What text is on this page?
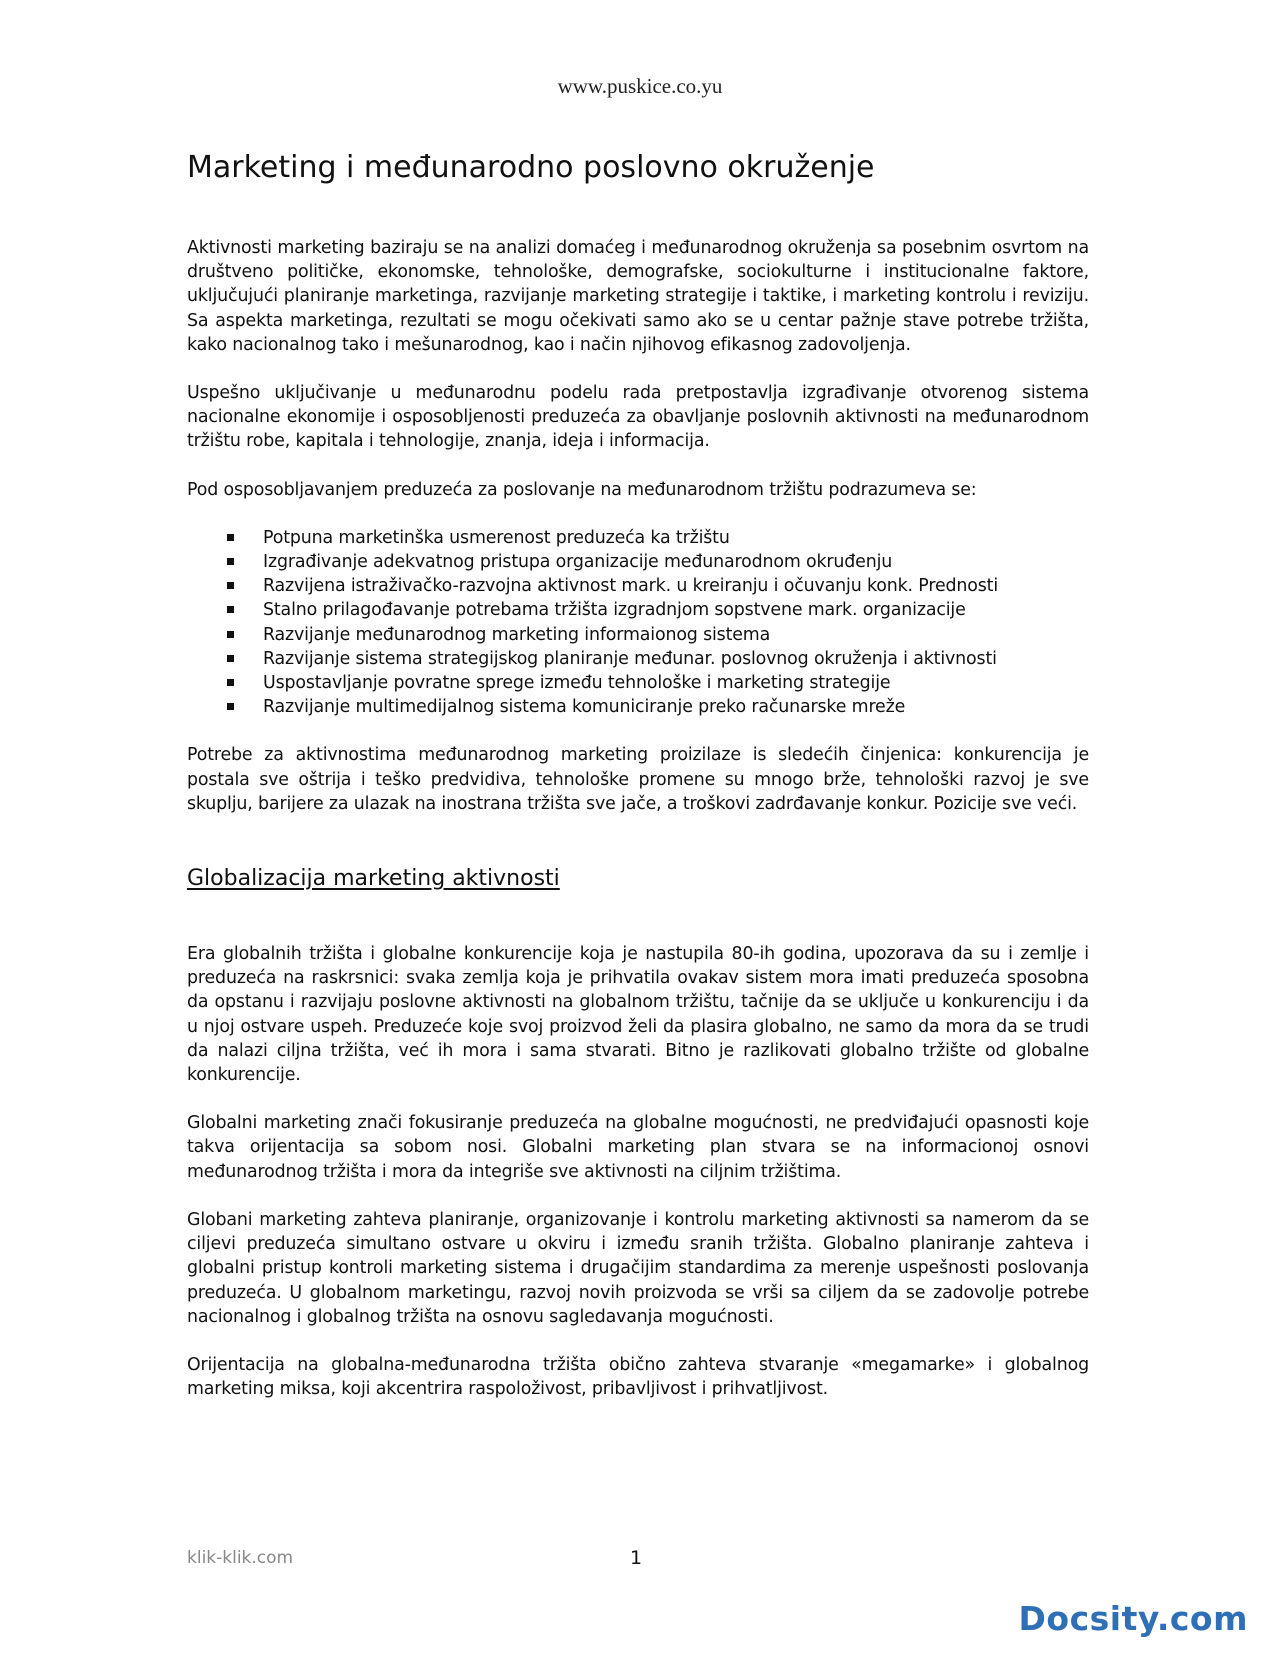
www.puskice.co.yu
Marketing i međunarodno poslovno okruženje

Aktivnosti marketing baziraju se na analizi domaćeg i međunarodnog okruženja sa posebnim osvrtom na društveno političke, ekonomske, tehnološke, demografske, sociokulturne i institucionalne faktore, uključujući planiranje marketinga, razvijanje marketing strategije i taktike, i marketing kontrolu i reviziju. Sa aspekta marketinga, rezultati se mogu očekivati samo ako se u centar pažnje stave potrebe tržišta, kako nacionalnog tako i mešunarodnog, kao i način njihovog efikasnog zadovoljenja.

Uspešno uključivanje u međunarodnu podelu rada pretpostavlja izgrađivanje otvorenog sistema nacionalne ekonomije i osposobljenosti preduzeća za obavljanje poslovnih aktivnosti na međunarodnom tržištu robe, kapitala i tehnologije, znanja, ideja i informacija.

Pod osposobljavanjem preduzeća za poslovanje na međunarodnom tržištu podrazumeva se:

Potpuna marketinška usmerenost preduzeća ka tržištu
Izgrađivanje adekvatnog pristupa organizacije međunarodnom okruđenju
Razvijena istraživačko-razvojna aktivnost mark. u kreiranju i očuvanju konk. Prednosti
Stalno prilagođavanje potrebama tržišta izgradnjom sopstvene mark. organizacije
Razvijanje međunarodnog marketing informaionog sistema
Razvijanje sistema strategijskog planiranje međunar. poslovnog okruženja i aktivnosti
Uspostavljanje povratne sprege između tehnološke i marketing strategije
Razvijanje multimedijalnog sistema komuniciranje preko računarske mreže

Potrebe za aktivnostima međunarodnog marketing proizilaze is sledećih činjenica: konkurencija je postala sve oštrija i teško predvidiva, tehnološke promene su mnogo brže, tehnološki razvoj je sve skuplju, barijere za ulazak na inostrana tržišta sve jače, a troškovi zadrđavanje konkur. Pozicije sve veći.

Globalizacija marketing aktivnosti

Era globalnih tržišta i globalne konkurencije koja je nastupila 80-ih godina, upozorava da su i zemlje i preduzeća na raskrsnici: svaka zemlja koja je prihvatila ovakav sistem mora imati preduzeća sposobna da opstanu i razvijaju poslovne aktivnosti na globalnom tržištu, tačnije da se uključe u konkurenciju i da u njoj ostvare uspeh. Preduzeće koje svoj proizvod želi da plasira globalno, ne samo da mora da se trudi da nalazi ciljna tržišta, već ih mora i sama stvarati. Bitno je razlikovati globalno tržište od globalne konkurencije.

Globalni marketing znači fokusiranje preduzeća na globalne mogućnosti, ne predviđajući opasnosti koje takva orijentacija sa sobom nosi. Globalni marketing plan stvara se na informacionoj osnovi međunarodnog tržišta i mora da integriše sve aktivnosti na ciljnim tržištima.

Globani marketing zahteva planiranje, organizovanje i kontrolu marketing aktivnosti sa namerom da se ciljevi preduzeća simultano ostvare u okviru i između sranih tržišta. Globalno planiranje zahteva i globalni pristup kontroli marketing sistema i drugačijim standardima za merenje uspešnosti poslovanja preduzeća. U globalnom marketingu, razvoj novih proizvoda se vrši sa ciljem da se zadovolje potrebe nacionalnog i globalnog tržišta na osnovu sagledavanja mogućnosti.

Orijentacija na globalna-međunarodna tržišta obično zahteva stvaranje «megamarke» i globalnog marketing miksa, koji akcentrira raspoloživost, pribavljivost i prihvatljivost.

klik-klik.com	1
Docsity.com
